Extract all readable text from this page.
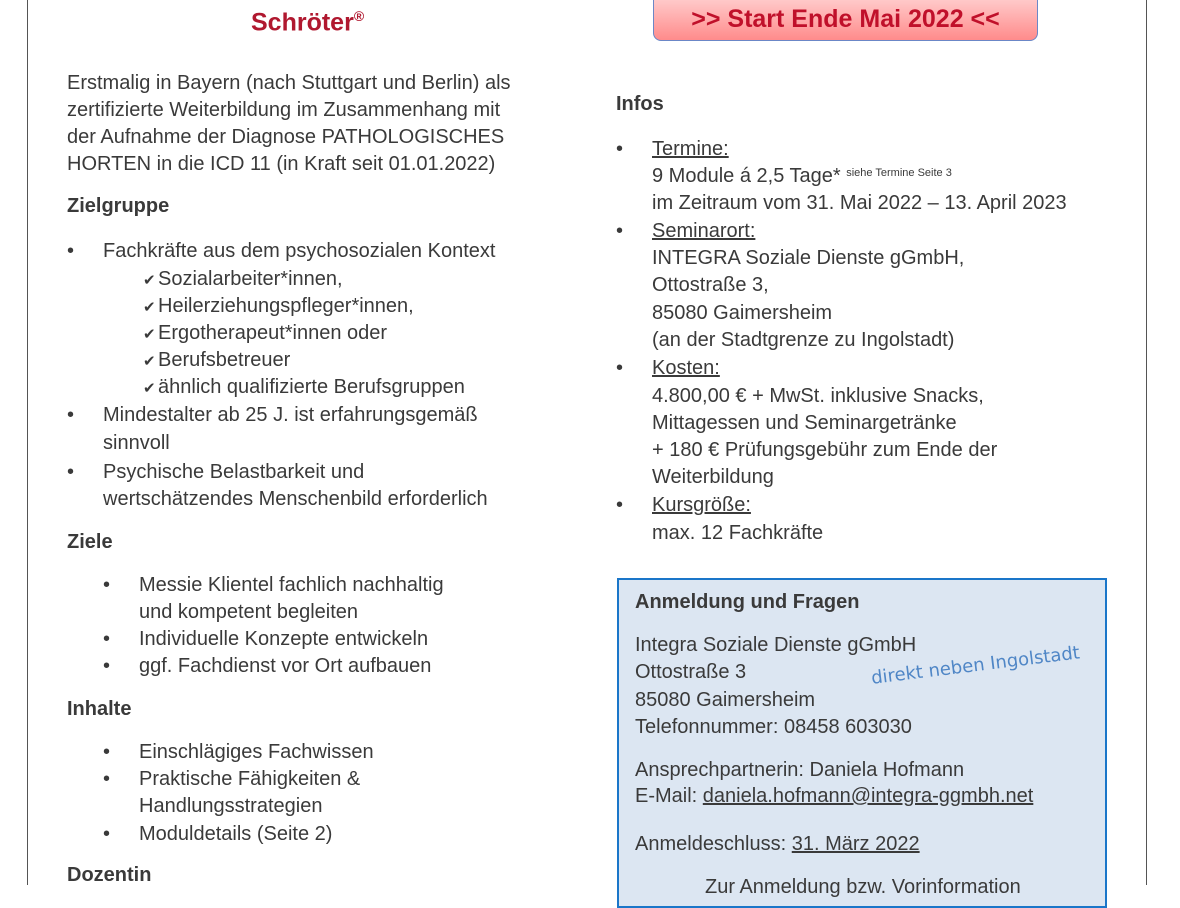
Schröter®	>> Start Ende Mai 2022 <<
Erstmalig in Bayern (nach Stuttgart und Berlin) als
zertifizierte Weiterbildung im Zusammenhang mit
der Aufnahme der Diagnose PATHOLOGISCHES
HORTEN in die ICD 11 (in Kraft seit 01.01.2022)
Zielgruppe
• Fachkräfte aus dem psychosozialen Kontext
✔ Sozialarbeiter*innen,
✔ Heilerziehungspfleger*innen,
✔ Ergotherapeut*innen oder
✔ Berufsbetreuer
✔ ähnlich qualifizierte Berufsgruppen
• Mindestalter ab 25 J. ist erfahrungsgemäß
sinnvoll
• Psychische Belastbarkeit und
wertschätzendes Menschenbild erforderlich
Ziele
• Messie Klientel fachlich nachhaltig
und kompetent begleiten
• Individuelle Konzepte entwickeln
• ggf. Fachdienst vor Ort aufbauen
Inhalte
• Einschlägiges Fachwissen
• Praktische Fähigkeiten &
Handlungsstrategien
• Moduldetails (Seite 2)
Dozentin
Infos
• Termine:
9 Module á 2,5 Tage* $^{siehe Termine Seite 3}$
im Zeitraum vom 31. Mai 2022 – 13. April 2023
• Seminarort:
INTEGRA Soziale Dienste gGmbH,
Ottostraße 3,
85080 Gaimersheim
(an der Stadtgrenze zu Ingolstadt)
• Kosten:
4.800,00 € + MwSt. inklusive Snacks,
Mittagessen und Seminargetränke
+ 180 € Prüfungsgebühr zum Ende der
Weiterbildung
• Kursgröße:
max. 12 Fachkräfte
Anmeldung und Fragen
Integra Soziale Dienste gGmbH
Ottostraße 3
85080 Gaimersheim
Telefonnummer: 08458 603030
direkt neben Ingolstadt
Ansprechpartnerin: Daniela Hofmann
E-Mail: daniela.hofmann@integra-ggmbh.net
Anmeldeschluss: 31. März 2022
Zur Anmeldung bzw. Vorinformation
